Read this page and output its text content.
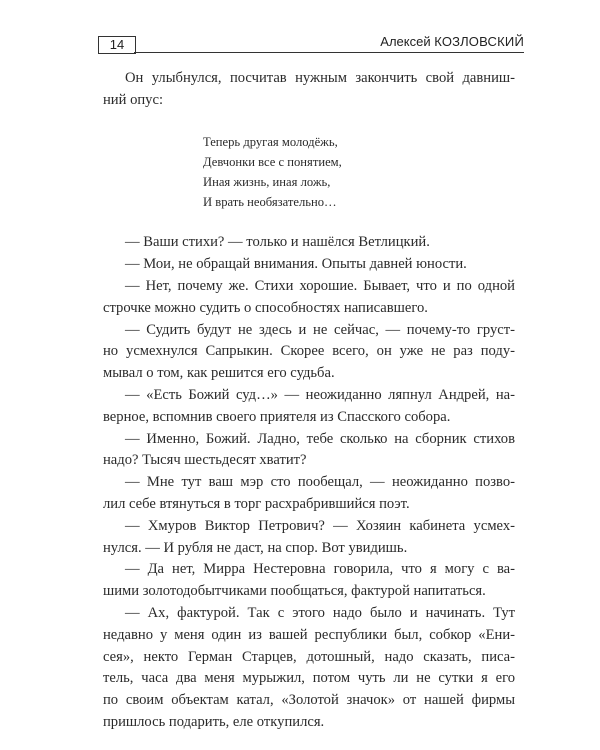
14	Алексей КОЗЛОВСКИЙ

Он улыбнулся, посчитав нужным закончить свой давниш-
ний опус:

Теперь другая молодёжь,
Девчонки все с понятием,
Иная жизнь, иная ложь,
И врать необязательно…

— Ваши стихи? — только и нашёлся Ветлицкий.

— Мои, не обращай внимания. Опыты давней юности.

— Нет, почему же. Стихи хорошие. Бывает, что и по одной
строчке можно судить о способностях написавшего.

— Судить будут не здесь и не сейчас, — почему-то груст-
но усмехнулся Сапрыкин. Скорее всего, он уже не раз поду-
мывал о том, как решится его судьба.

— «Есть Божий суд…» — неожиданно ляпнул Андрей, на-
верное, вспомнив своего приятеля из Спасского собора.

— Именно, Божий. Ладно, тебе сколько на сборник стихов
надо? Тысяч шестьдесят хватит?

— Мне тут ваш мэр сто пообещал, — неожиданно позво-
лил себе втянуться в торг расхрабрившийся поэт.

— Хмуров Виктор Петрович? — Хозяин кабинета усмех-
нулся. — И рубля не даст, на спор. Вот увидишь.

— Да нет, Мирра Нестеровна говорила, что я могу с ва-
шими золотодобытчиками пообщаться, фактурой напитаться.

— Ах, фактурой. Так с этого надо было и начинать. Тут
недавно у меня один из вашей республики был, собкор «Ени-
сея», некто Герман Старцев, дотошный, надо сказать, писа-
тель, часа два меня мурыжил, потом чуть ли не сутки я его
по своим объектам катал, «Золотой значок» от нашей фирмы
пришлось подарить, еле откупился.
